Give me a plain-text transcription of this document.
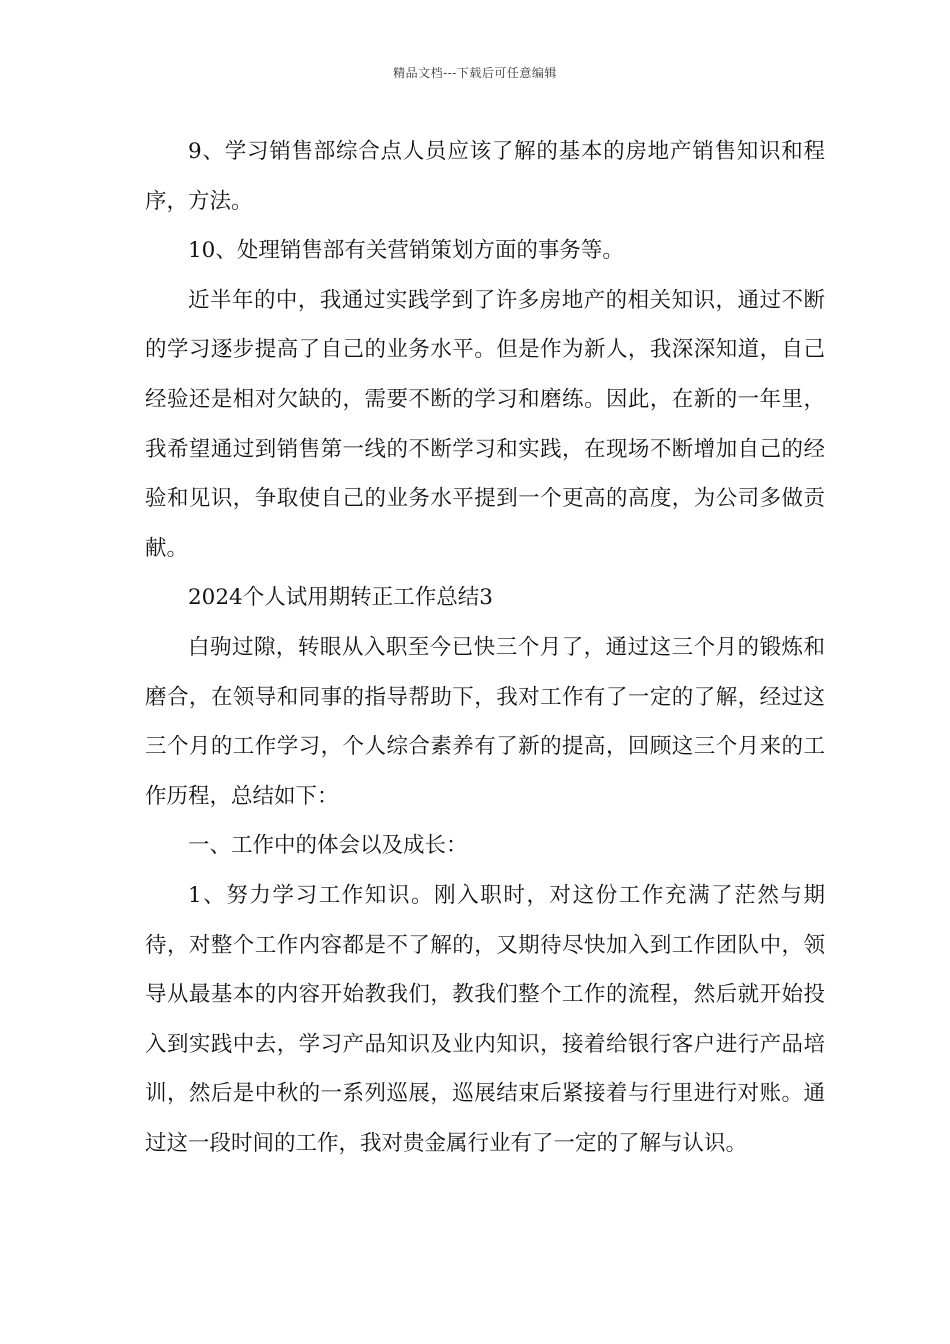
精品文档---下载后可任意编辑

9、学习销售部综合点人员应该了解的基本的房地产销售知识和程序，方法。

10、处理销售部有关营销策划方面的事务等。

近半年的中，我通过实践学到了许多房地产的相关知识，通过不断的学习逐步提高了自己的业务水平。但是作为新人，我深深知道，自己经验还是相对欠缺的，需要不断的学习和磨练。因此，在新的一年里，我希望通过到销售第一线的不断学习和实践，在现场不断增加自己的经验和见识，争取使自己的业务水平提到一个更高的高度，为公司多做贡献。

2024个人试用期转正工作总结3

白驹过隙，转眼从入职至今已快三个月了，通过这三个月的锻炼和磨合，在领导和同事的指导帮助下，我对工作有了一定的了解，经过这三个月的工作学习，个人综合素养有了新的提高，回顾这三个月来的工作历程，总结如下：

一、工作中的体会以及成长：

1、努力学习工作知识。刚入职时，对这份工作充满了茫然与期待，对整个工作内容都是不了解的，又期待尽快加入到工作团队中，领导从最基本的内容开始教我们，教我们整个工作的流程，然后就开始投入到实践中去，学习产品知识及业内知识，接着给银行客户进行产品培训，然后是中秋的一系列巡展，巡展结束后紧接着与行里进行对账。通过这一段时间的工作，我对贵金属行业有了一定的了解与认识。
